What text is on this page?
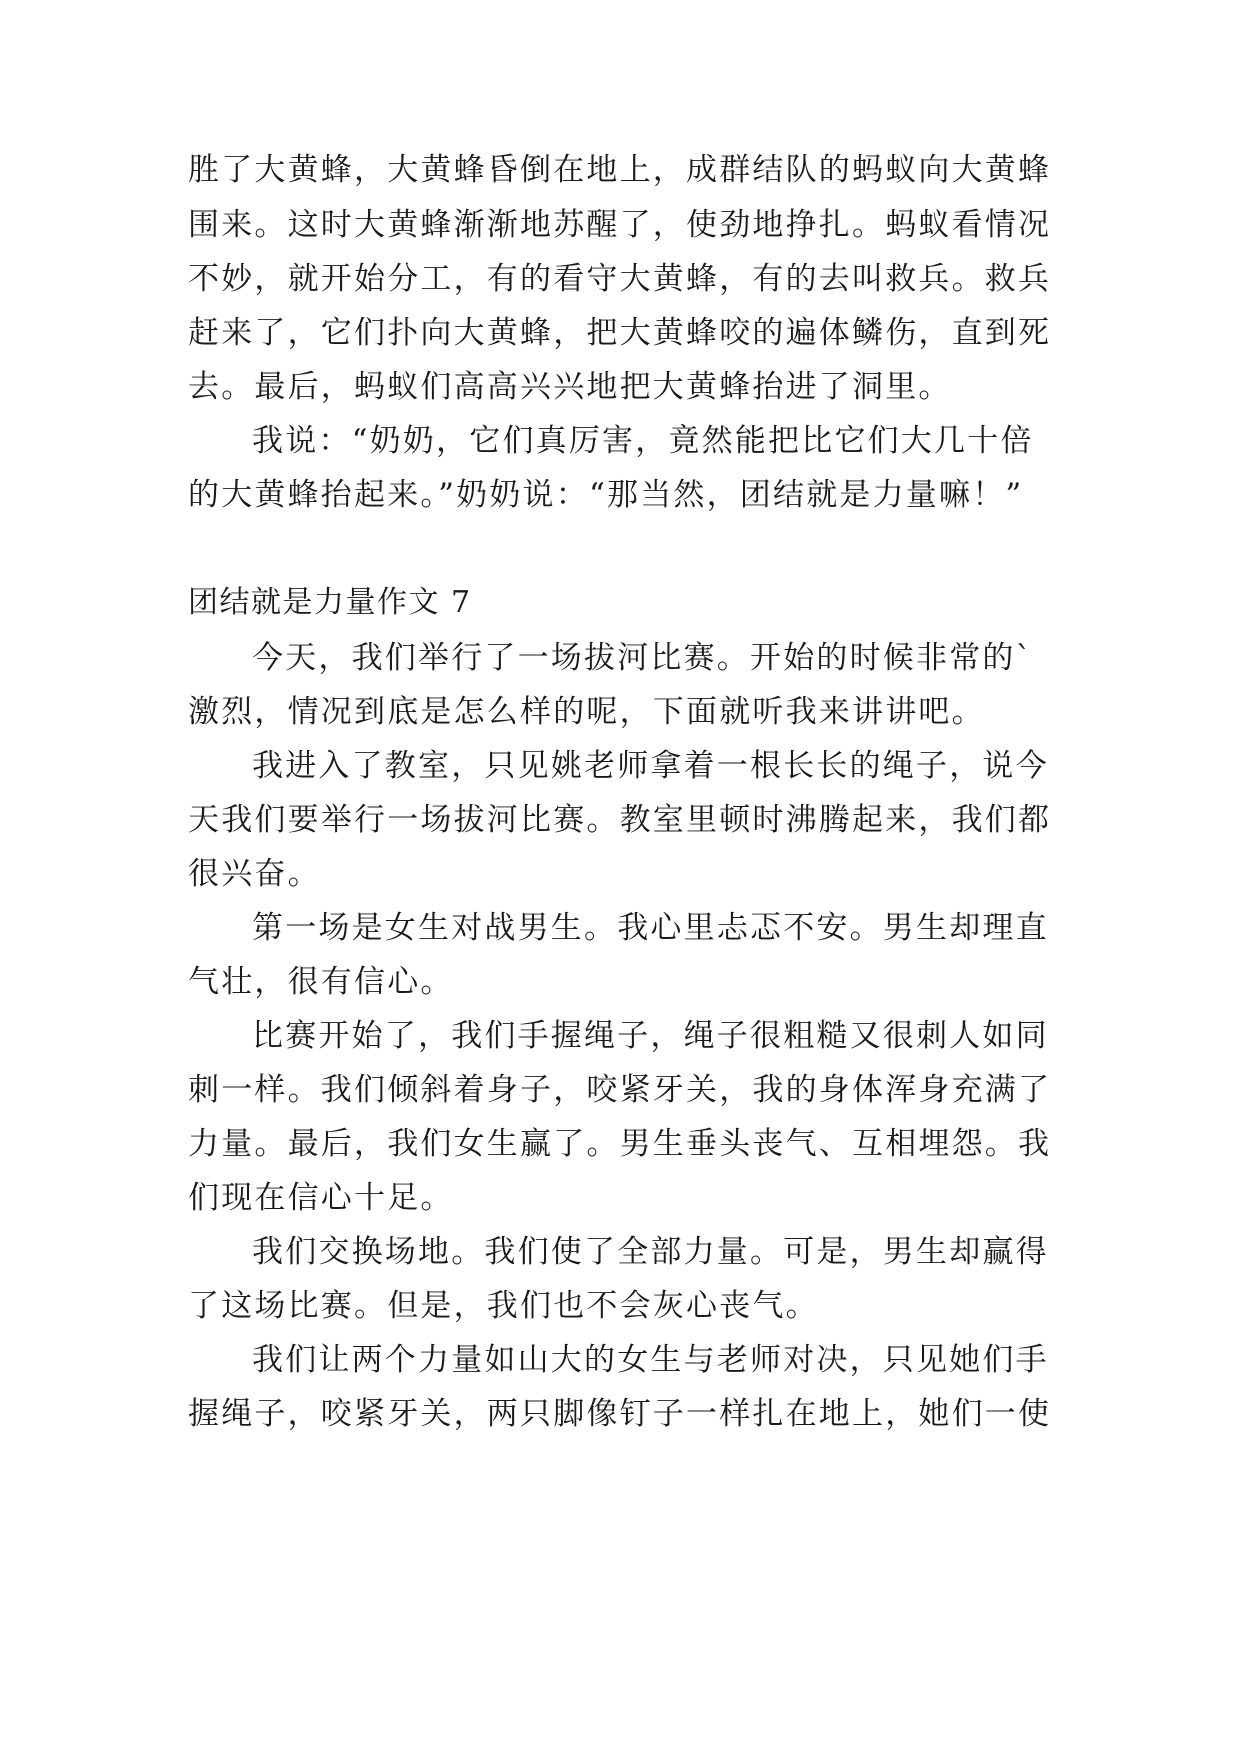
胜了大黄蜂，大黄蜂昏倒在地上，成群结队的蚂蚁向大黄蜂
围来。这时大黄蜂渐渐地苏醒了，使劲地挣扎。蚂蚁看情况
不妙，就开始分工，有的看守大黄蜂，有的去叫救兵。救兵
赶来了，它们扑向大黄蜂，把大黄蜂咬的遍体鳞伤，直到死
去。最后，蚂蚁们高高兴兴地把大黄蜂抬进了洞里。
我说：“奶奶，它们真厉害，竟然能把比它们大几十倍
的大黄蜂抬起来。”奶奶说：“那当然，团结就是力量嘛！”
团结就是力量作文 7
今天，我们举行了一场拔河比赛。开始的时候非常的`
激烈，情况到底是怎么样的呢，下面就听我来讲讲吧。
我进入了教室，只见姚老师拿着一根长长的绳子，说今
天我们要举行一场拔河比赛。教室里顿时沸腾起来，我们都
很兴奋。
第一场是女生对战男生。我心里忐忑不安。男生却理直
气壮，很有信心。
比赛开始了，我们手握绳子，绳子很粗糙又很刺人如同
刺一样。我们倾斜着身子，咬紧牙关，我的身体浑身充满了
力量。最后，我们女生赢了。男生垂头丧气、互相埋怨。我
们现在信心十足。
我们交换场地。我们使了全部力量。可是，男生却赢得
了这场比赛。但是，我们也不会灰心丧气。
我们让两个力量如山大的女生与老师对决，只见她们手
握绳子，咬紧牙关，两只脚像钉子一样扎在地上，她们一使
